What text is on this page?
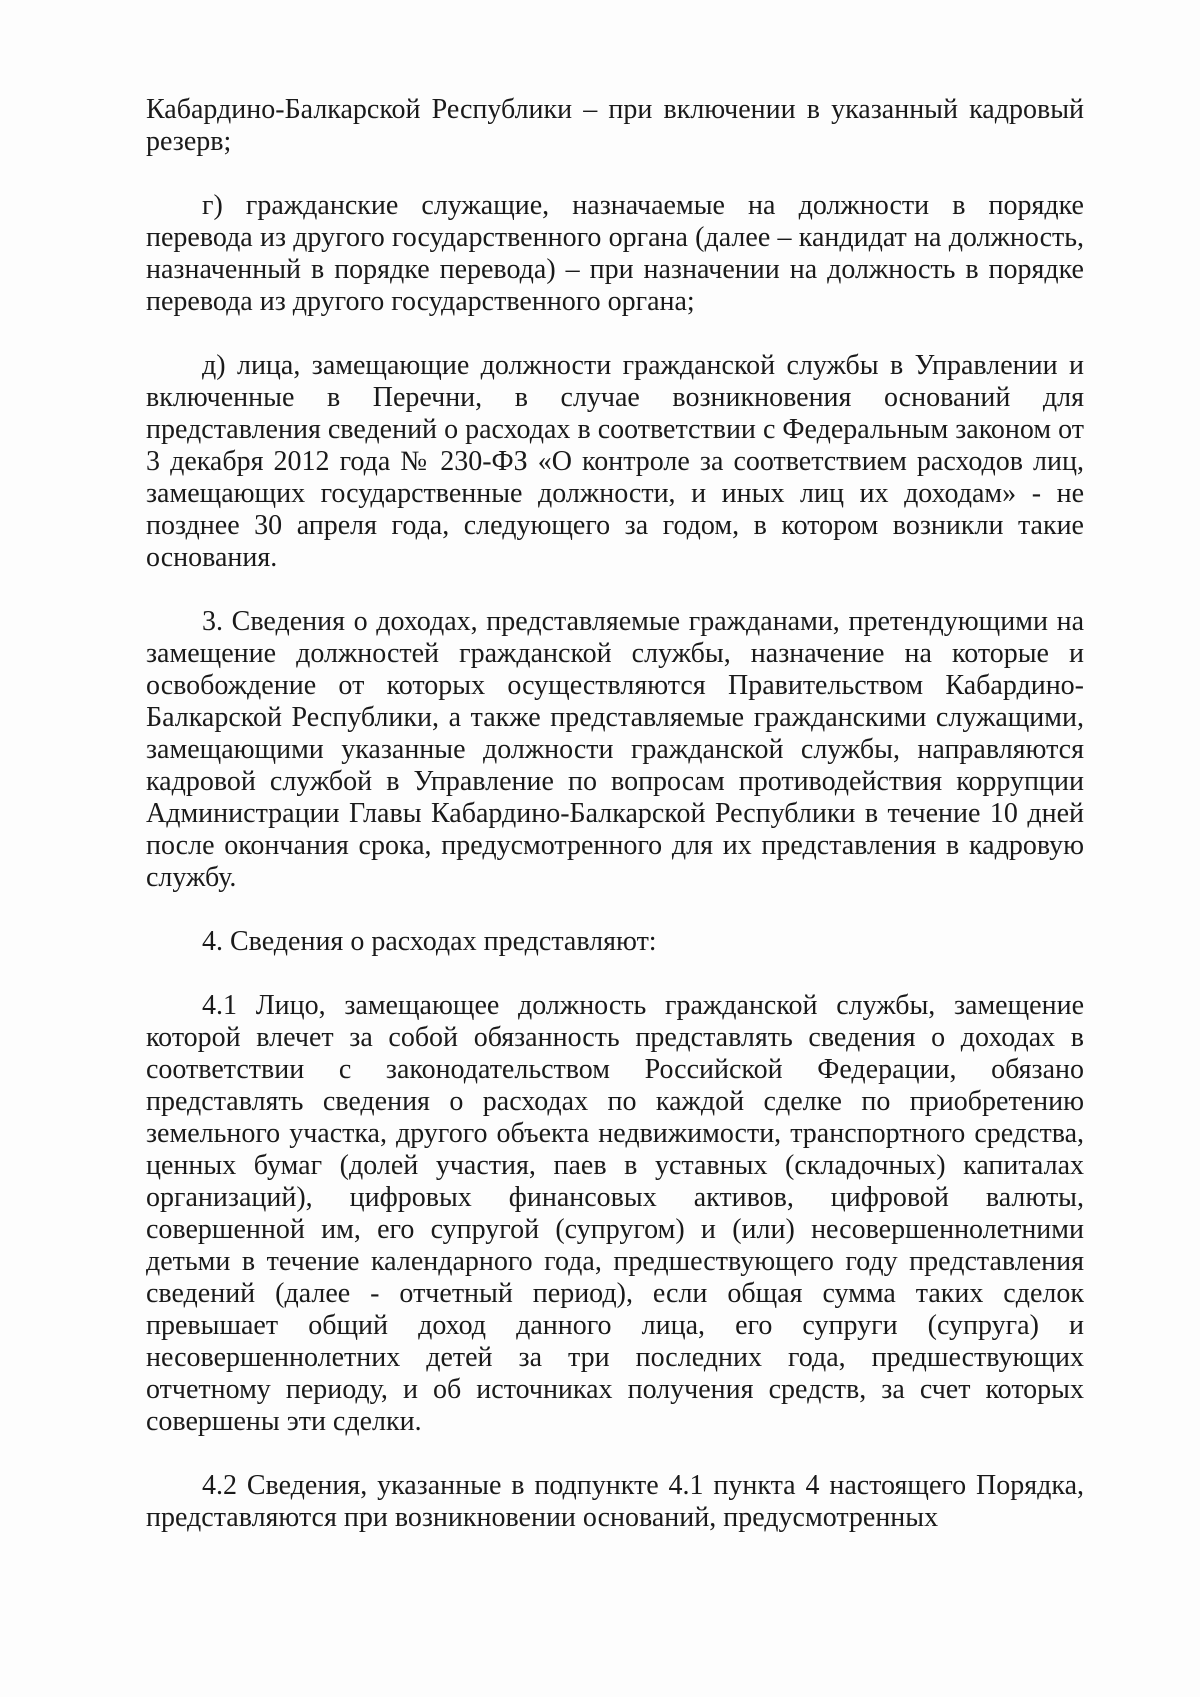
Кабардино-Балкарской Республики – при включении в указанный кадровый резерв;

г) гражданские служащие, назначаемые на должности в порядке перевода из другого государственного органа (далее – кандидат на должность, назначенный в порядке перевода) – при назначении на должность в порядке перевода из другого государственного органа;

д) лица, замещающие должности гражданской службы в Управлении и включенные в Перечни, в случае возникновения оснований для представления сведений о расходах в соответствии с Федеральным законом от 3 декабря 2012 года № 230-ФЗ «О контроле за соответствием расходов лиц, замещающих государственные должности, и иных лиц их доходам» - не позднее 30 апреля года, следующего за годом, в котором возникли такие основания.

3. Сведения о доходах, представляемые гражданами, претендующими на замещение должностей гражданской службы, назначение на которые и освобождение от которых осуществляются Правительством Кабардино-Балкарской Республики, а также представляемые гражданскими служащими, замещающими указанные должности гражданской службы, направляются кадровой службой в Управление по вопросам противодействия коррупции Администрации Главы Кабардино-Балкарской Республики в течение 10 дней после окончания срока, предусмотренного для их представления в кадровую службу.

4. Сведения о расходах представляют:

4.1 Лицо, замещающее должность гражданской службы, замещение которой влечет за собой обязанность представлять сведения о доходах в соответствии с законодательством Российской Федерации, обязано представлять сведения о расходах по каждой сделке по приобретению земельного участка, другого объекта недвижимости, транспортного средства, ценных бумаг (долей участия, паев в уставных (складочных) капиталах организаций), цифровых финансовых активов, цифровой валюты, совершенной им, его супругой (супругом) и (или) несовершеннолетними детьми в течение календарного года, предшествующего году представления сведений (далее - отчетный период), если общая сумма таких сделок превышает общий доход данного лица, его супруги (супруга) и несовершеннолетних детей за три последних года, предшествующих отчетному периоду, и об источниках получения средств, за счет которых совершены эти сделки.

4.2 Сведения, указанные в подпункте 4.1 пункта 4 настоящего Порядка, представляются при возникновении оснований, предусмотренных
